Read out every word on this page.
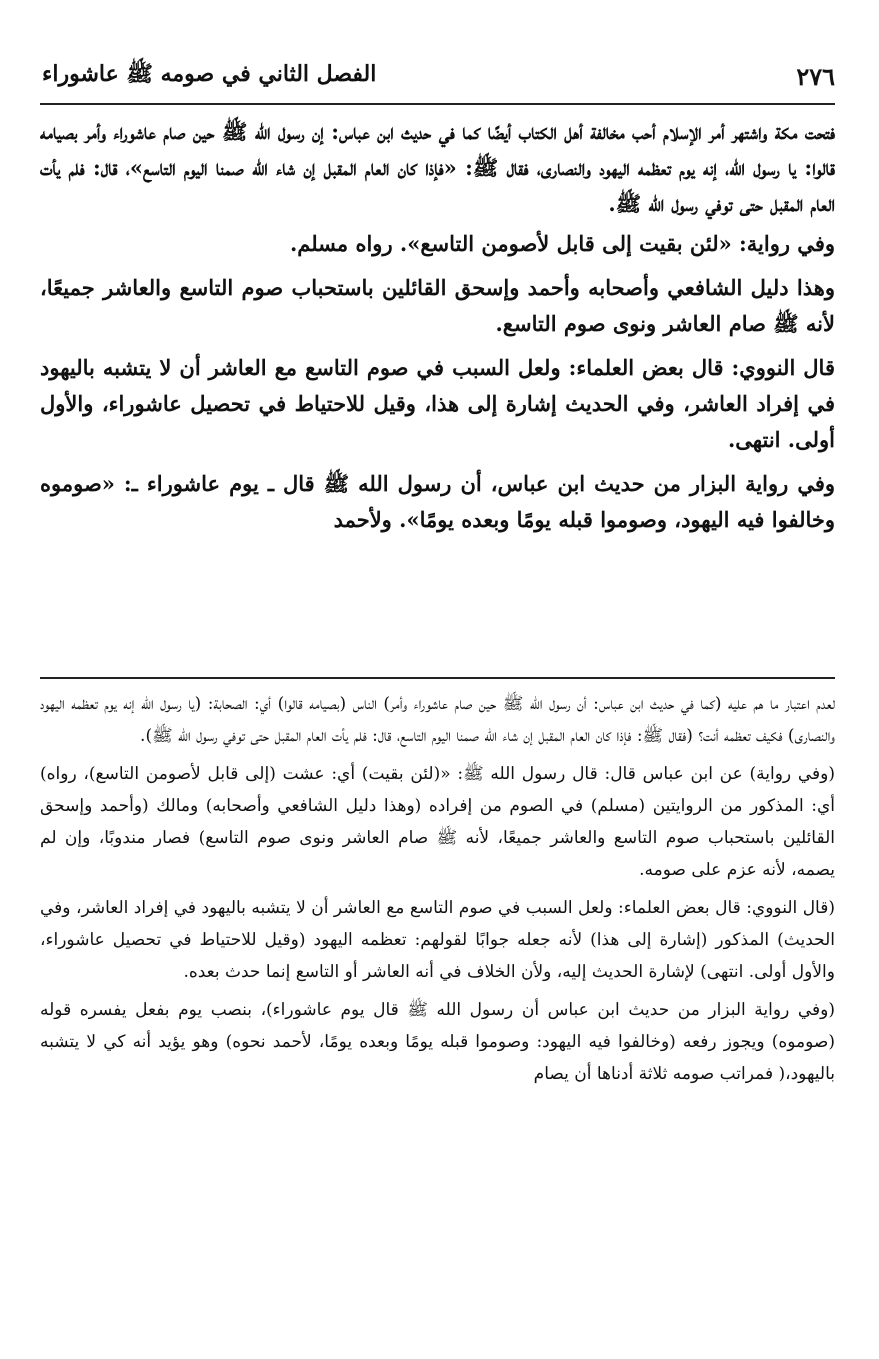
٢٧٦
الفصل الثاني في صومه ﷺ عاشوراء

فتحت مكة واشتهر أمر الإسلام أحب مخالفة أهل الكتاب أيضًا كما في حديث ابن عباس: إن رسول الله ﷺ حين صام عاشوراء وأمر بصيامه قالوا: يا رسول الله، إنه يوم تعظمه اليهود والنصارى، فقال ﷺ: «فإذا كان العام المقبل إن شاء الله صمنا اليوم التاسع»، قال: فلم يأت العام المقبل حتى توفي رسول الله ﷺ.

وفي رواية: «لئن بقيت إلى قابل لأصومن التاسع». رواه مسلم.

وهذا دليل الشافعي وأصحابه وأحمد وإسحق القائلين باستحباب صوم التاسع والعاشر جميعًا، لأنه ﷺ صام العاشر ونوى صوم التاسع.

قال النووي: قال بعض العلماء: ولعل السبب في صوم التاسع مع العاشر أن لا يتشبه باليهود في إفراد العاشر، وفي الحديث إشارة إلى هذا، وقيل للاحتياط في تحصيل عاشوراء، والأول أولى. انتهى.

وفي رواية البزار من حديث ابن عباس، أن رسول الله ﷺ قال ـ يوم عاشوراء ـ: «صوموه وخالفوا فيه اليهود، وصوموا قبله يومًا وبعده يومًا». ولأحمد

لعدم اعتبار ما هم عليه (كما في حديث ابن عباس: أن رسول الله ﷺ حين صام عاشوراء وأمر) الناس (بصيامه قالوا) أي: الصحابة: (يا رسول الله إنه يوم تعظمه اليهود والنصارى) فكيف تعظمه أنت؟ (فقال ﷺ: فإذا كان العام المقبل إن شاء الله صمنا اليوم التاسع، قال: فلم يأت العام المقبل حتى توفي رسول الله ﷺ).

(وفي رواية) عن ابن عباس قال: قال رسول الله ﷺ: «(لئن بقيت) أي: عشت (إلى قابل لأصومن التاسع)، رواه) أي: المذكور من الروايتين (مسلم) في الصوم من إفراده (وهذا دليل الشافعي وأصحابه) ومالك (وأحمد وإسحق القائلين باستحباب صوم التاسع والعاشر جميعًا، لأنه ﷺ صام العاشر ونوى صوم التاسع) فصار مندوبًا، وإن لم يصمه، لأنه عزم على صومه.

(قال النووي: قال بعض العلماء: ولعل السبب في صوم التاسع مع العاشر أن لا يتشبه باليهود في إفراد العاشر، وفي الحديث) المذكور (إشارة إلى هذا) لأنه جعله جوابًا لقولهم: تعظمه اليهود (وقيل للاحتياط في تحصيل عاشوراء، والأول أولى. انتهى) لإشارة الحديث إليه، ولأن الخلاف في أنه العاشر أو التاسع إنما حدث بعده.

(وفي رواية البزار من حديث ابن عباس أن رسول الله ﷺ قال يوم عاشوراء)، بنصب يوم بفعل يفسره قوله (صوموه) ويجوز رفعه (وخالفوا فيه اليهود: وصوموا قبله يومًا وبعده يومًا، لأحمد نحوه) وهو يؤيد أنه كي لا يتشبه باليهود،( فمراتب صومه ثلاثة أدناها أن يصام
